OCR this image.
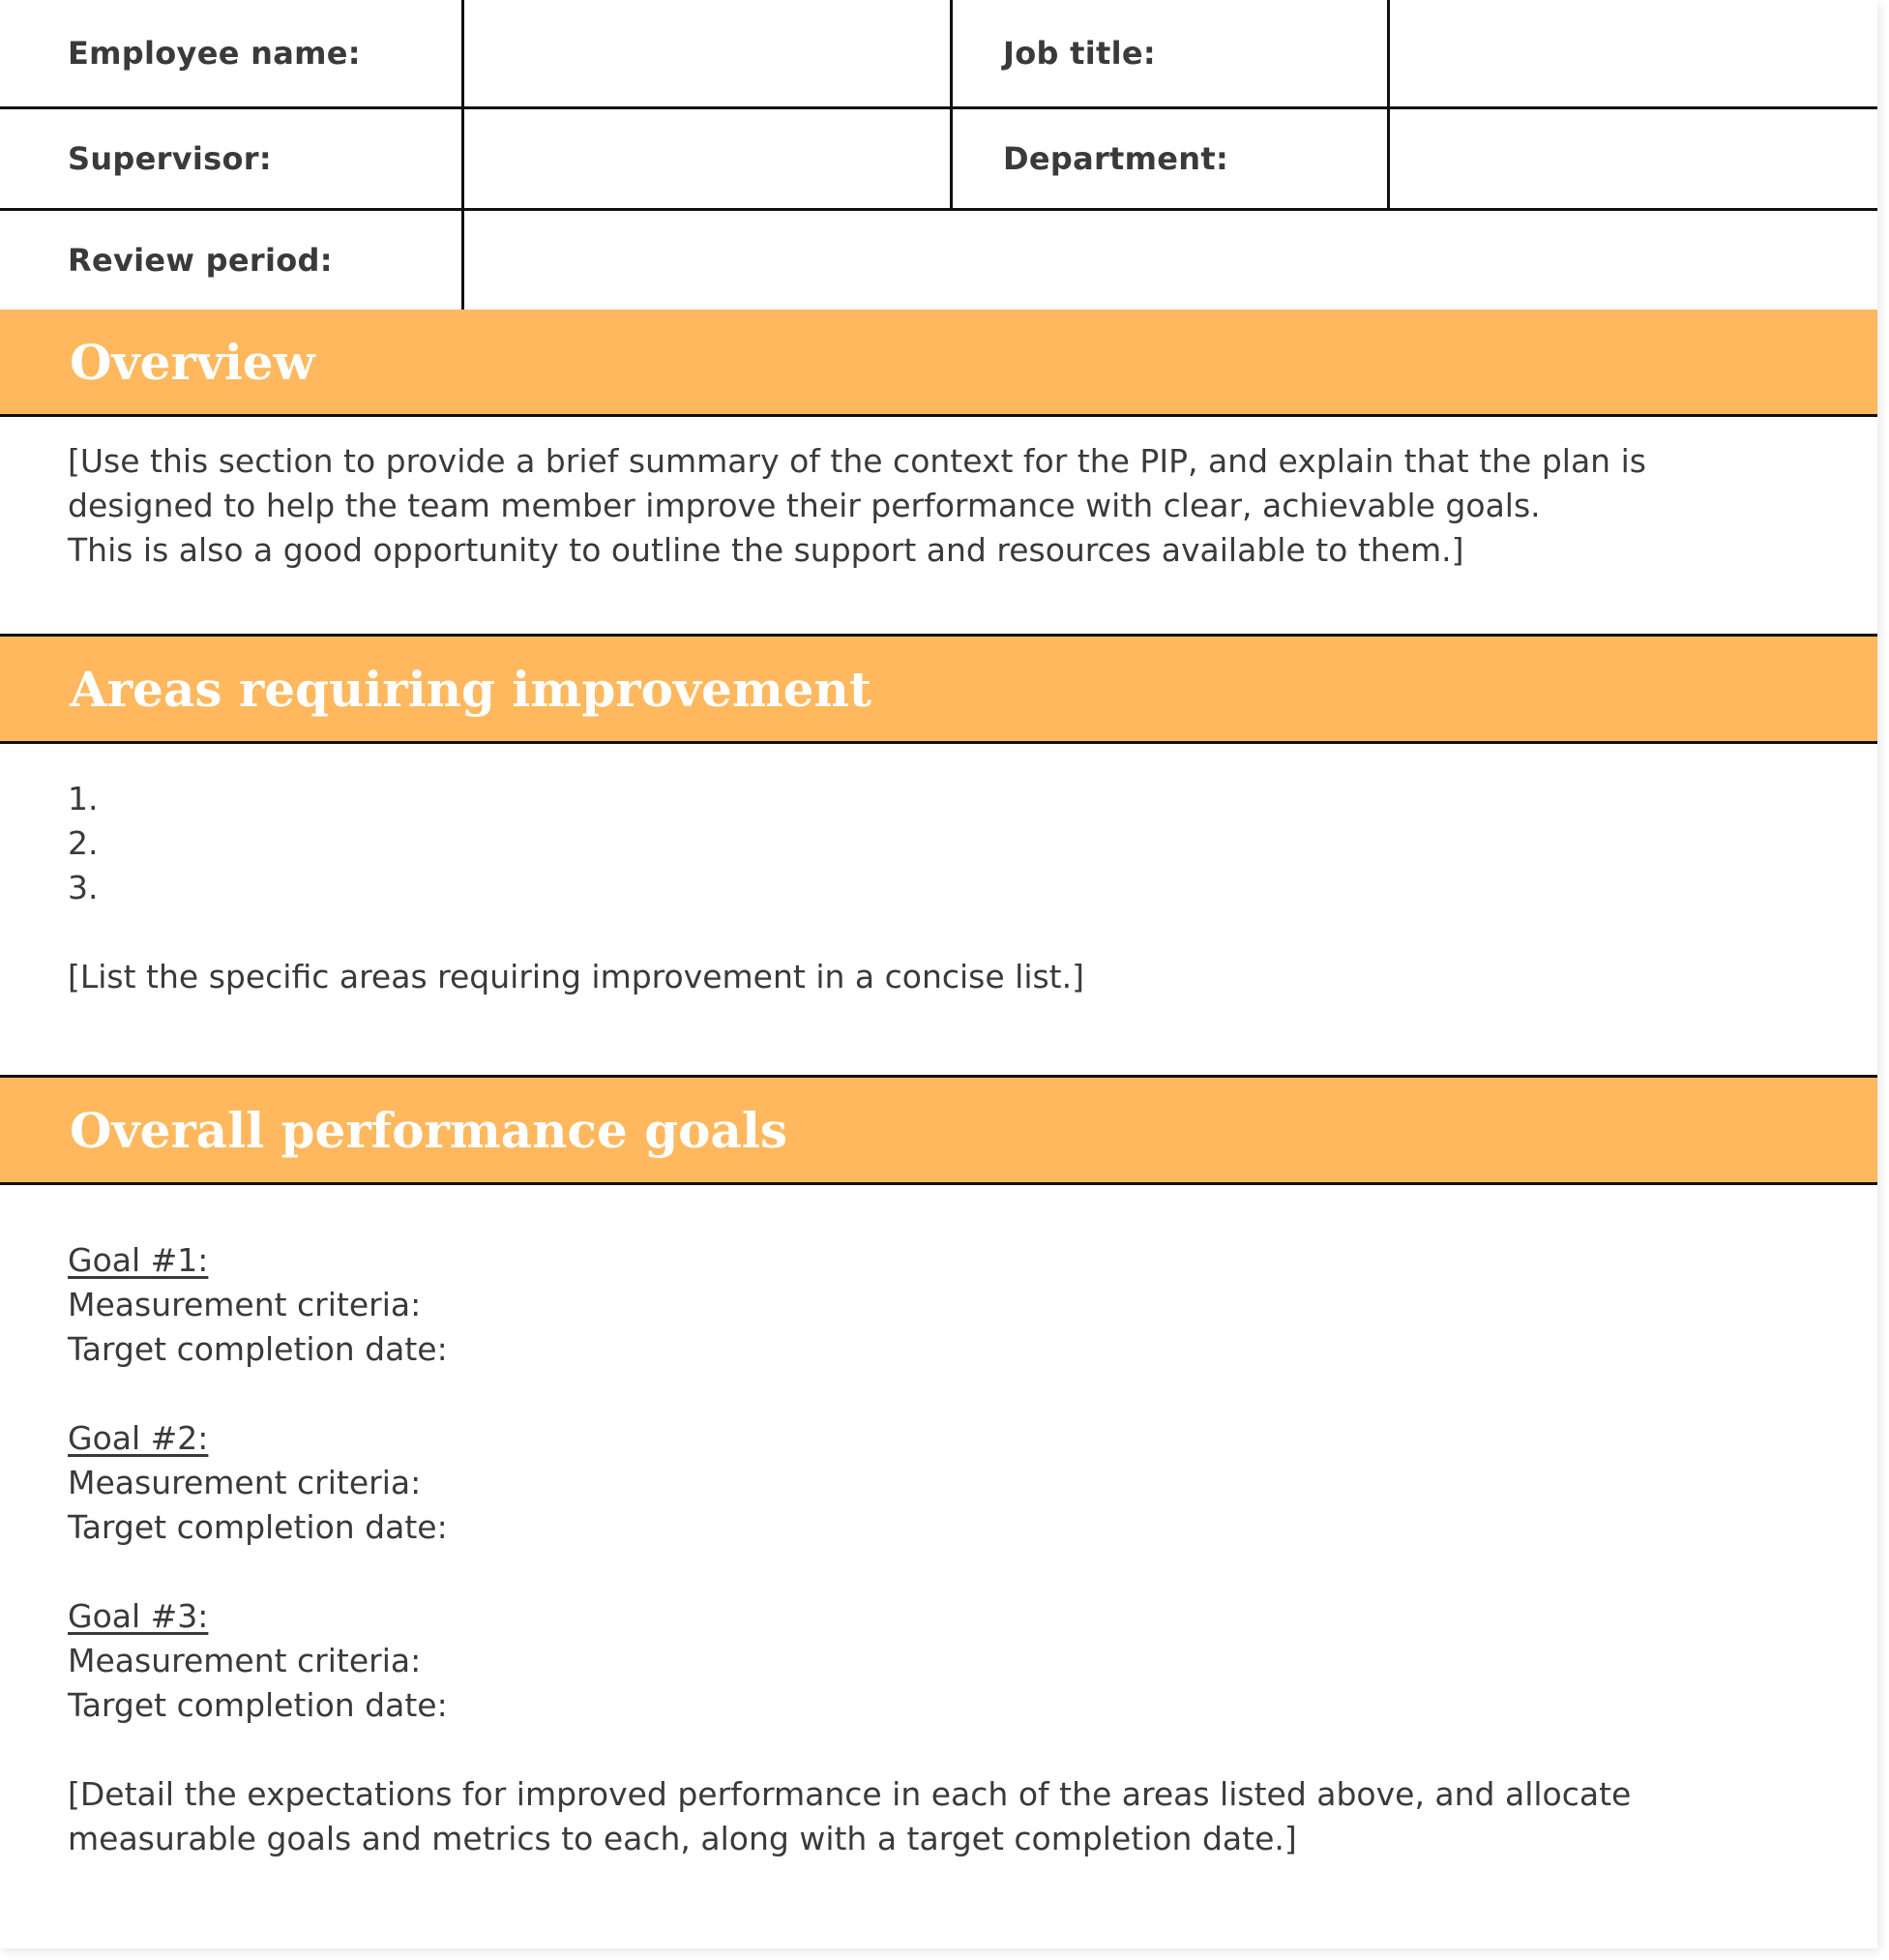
Employee name:	Job title:
Supervisor:	Department:
Review period:
Overview

[Use this section to provide a brief summary of the context for the PIP, and explain that the plan is

designed to help the team member improve their performance with clear, achievable goals.

This is also a good opportunity to outline the support and resources available to them.]

Areas requiring improvement

1.

2.

3.

[List the specific areas requiring improvement in a concise list.]

Overall performance goals

Goal #1:

Measurement criteria:

Target completion date:

Goal #2:

Measurement criteria:

Target completion date:

Goal #3:

Measurement criteria:

Target completion date:

[Detail the expectations for improved performance in each of the areas listed above, and allocate

measurable goals and metrics to each, along with a target completion date.]
